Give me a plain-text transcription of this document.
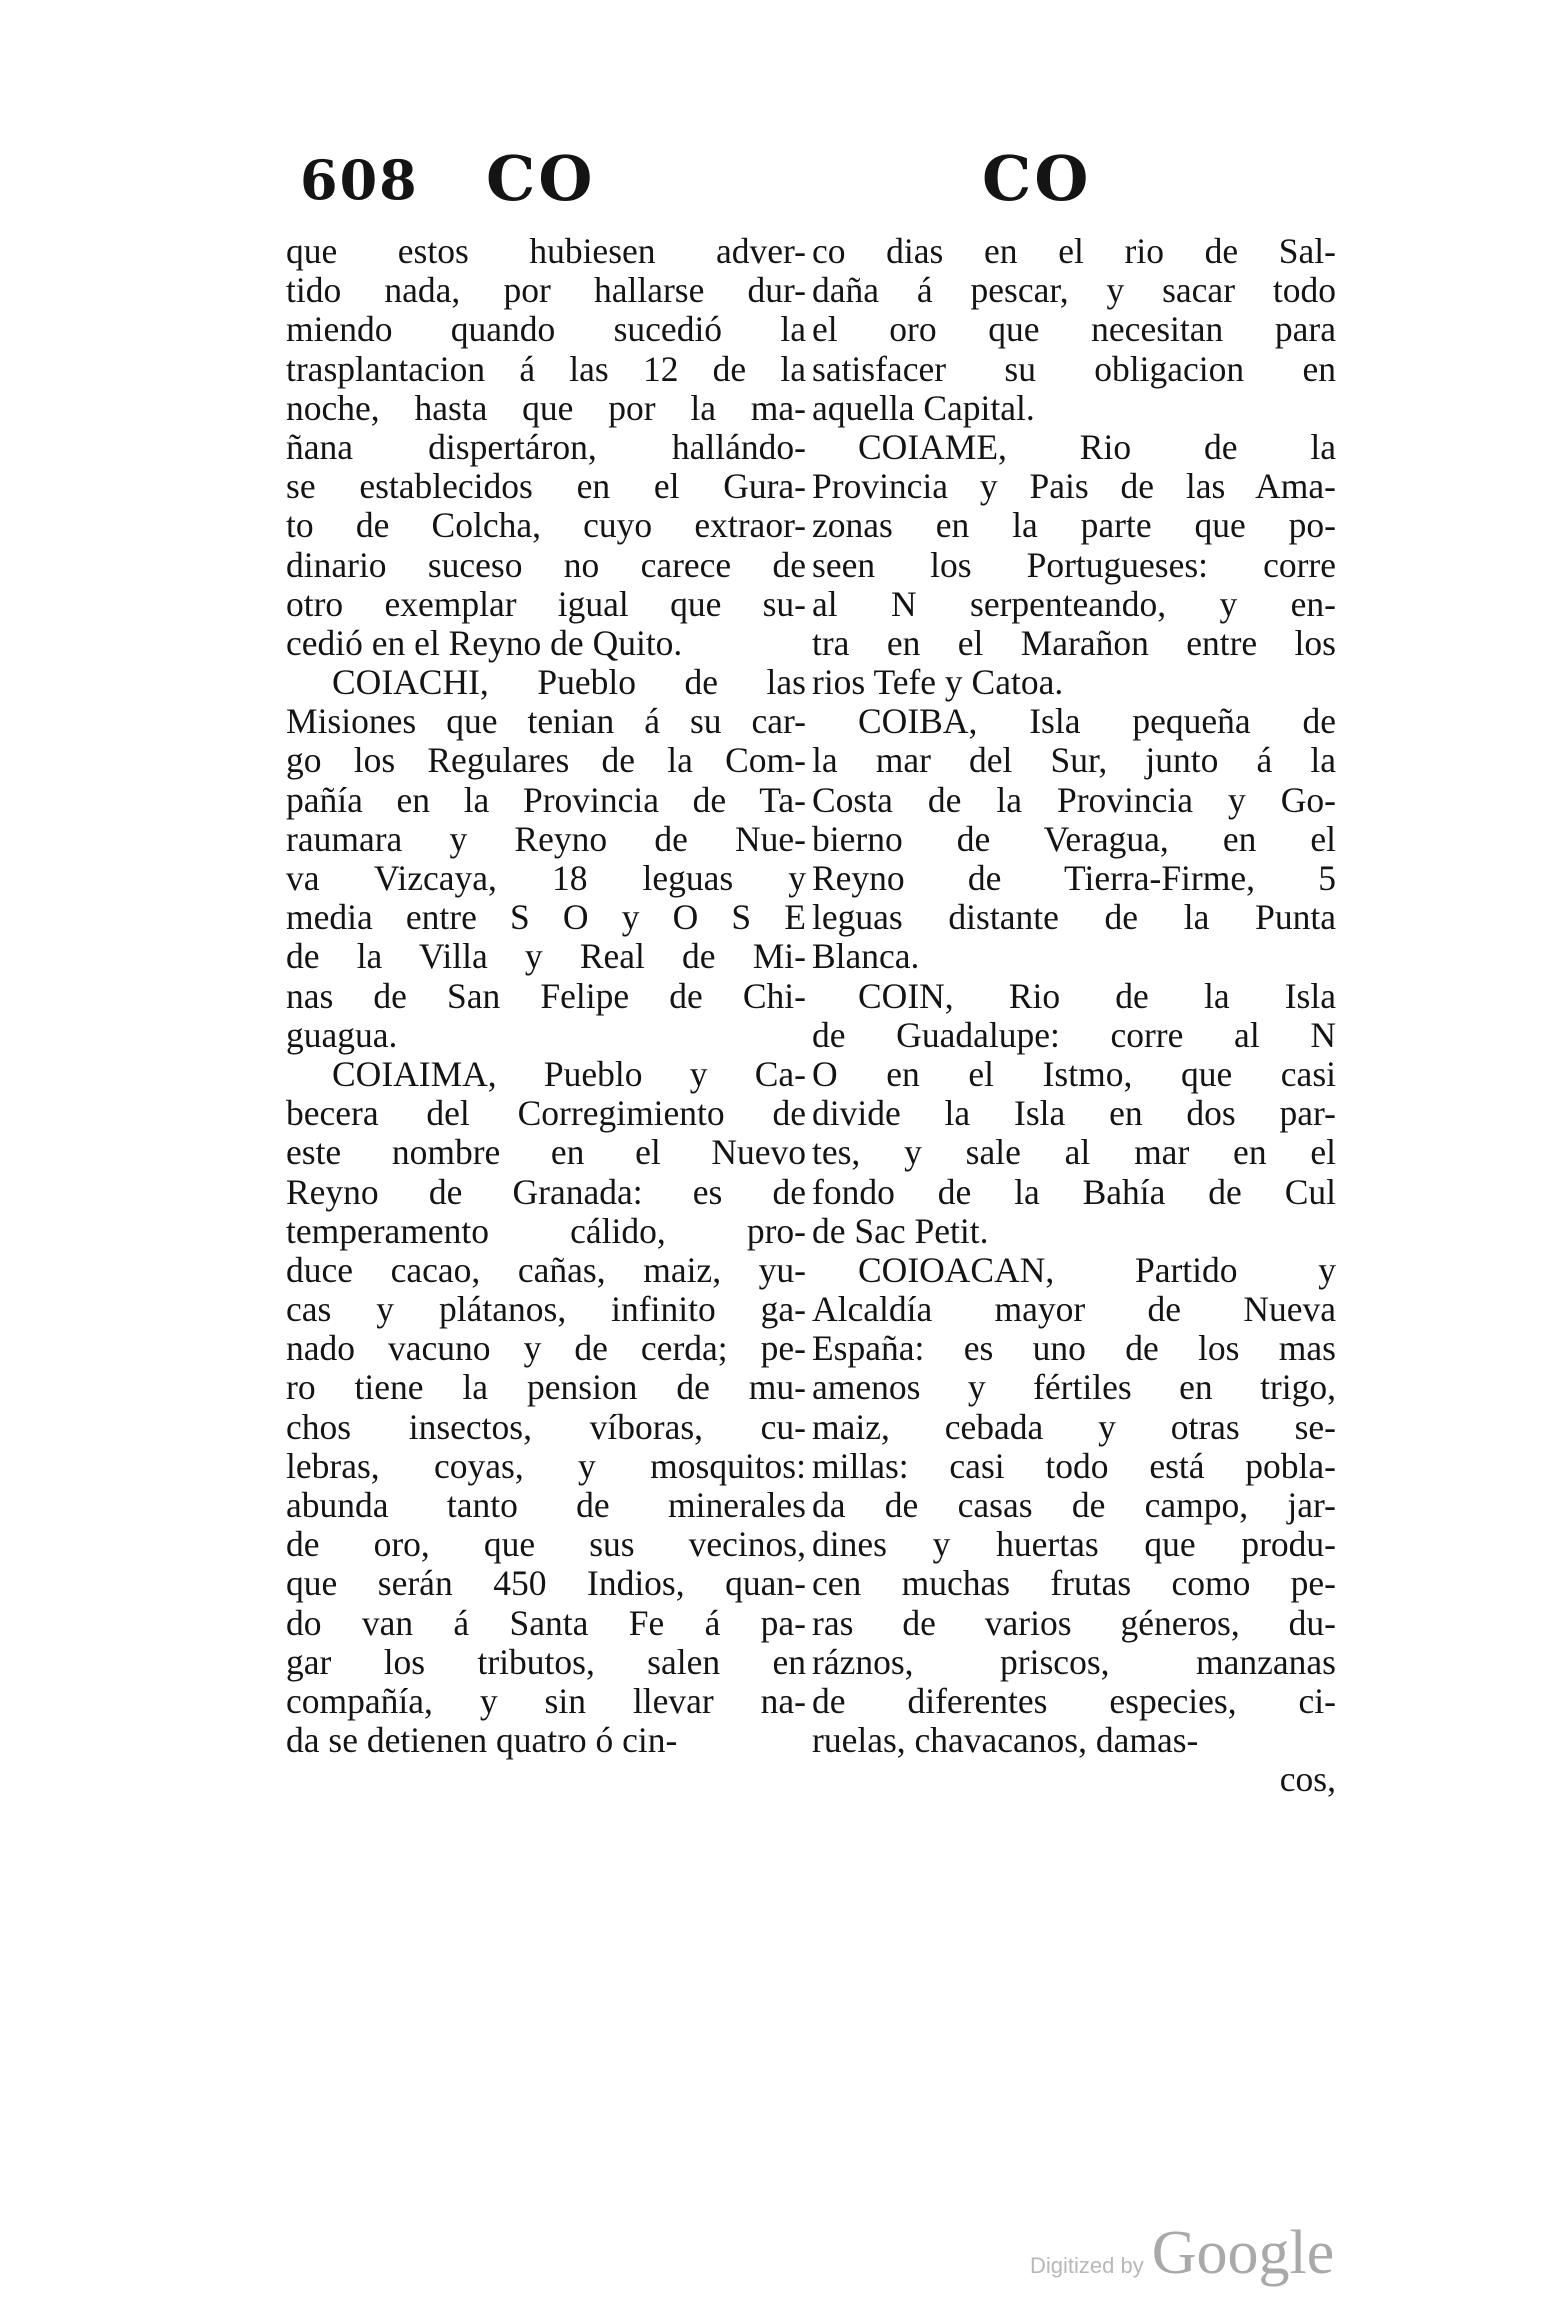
608 CO	CO
que estos hubiesen adver-
tido nada, por hallarse dur-
miendo quando sucedió la
trasplantacion á las 12 de la
noche, hasta que por la ma-
ñana dispertáron, hallándo-
se establecidos en el Gura-
to de Colcha, cuyo extraor-
dinario suceso no carece de
otro exemplar igual que su-
cedió en el Reyno de Quito.
COIACHI, Pueblo de las
Misiones que tenian á su car-
go los Regulares de la Com-
pañía en la Provincia de Ta-
raumara y Reyno de Nue-
va Vizcaya, 18 leguas y
media entre S O y O S E
de la Villa y Real de Mi-
nas de San Felipe de Chi-
guagua.
COIAIMA, Pueblo y Ca-
becera del Corregimiento de
este nombre en el Nuevo
Reyno de Granada: es de
temperamento cálido, pro-
duce cacao, cañas, maiz, yu-
cas y plátanos, infinito ga-
nado vacuno y de cerda; pe-
ro tiene la pension de mu-
chos insectos, víboras, cu-
lebras, coyas, y mosquitos:
abunda tanto de minerales
de oro, que sus vecinos,
que serán 450 Indios, quan-
do van á Santa Fe á pa-
gar los tributos, salen en
compañía, y sin llevar na-
da se detienen quatro ó cin-
co dias en el rio de Sal-
daña á pescar, y sacar todo
el oro que necesitan para
satisfacer su obligacion en
aquella Capital.
COIAME, Rio de la
Provincia y Pais de las Ama-
zonas en la parte que po-
seen los Portugueses: corre
al N serpenteando, y en-
tra en el Marañon entre los
rios Tefe y Catoa.
COIBA, Isla pequeña de
la mar del Sur, junto á la
Costa de la Provincia y Go-
bierno de Veragua, en el
Reyno de Tierra-Firme, 5
leguas distante de la Punta
Blanca.
COIN, Rio de la Isla
de Guadalupe: corre al N
O en el Istmo, que casi
divide la Isla en dos par-
tes, y sale al mar en el
fondo de la Bahía de Cul
de Sac Petit.
COIOACAN, Partido y
Alcaldía mayor de Nueva
España: es uno de los mas
amenos y fértiles en trigo,
maiz, cebada y otras se-
millas: casi todo está pobla-
da de casas de campo, jar-
dines y huertas que produ-
cen muchas frutas como pe-
ras de varios géneros, du-
ráznos, priscos, manzanas
de diferentes especies, ci-
ruelas, chavacanos, damas-
cos,
Digitized by Google
